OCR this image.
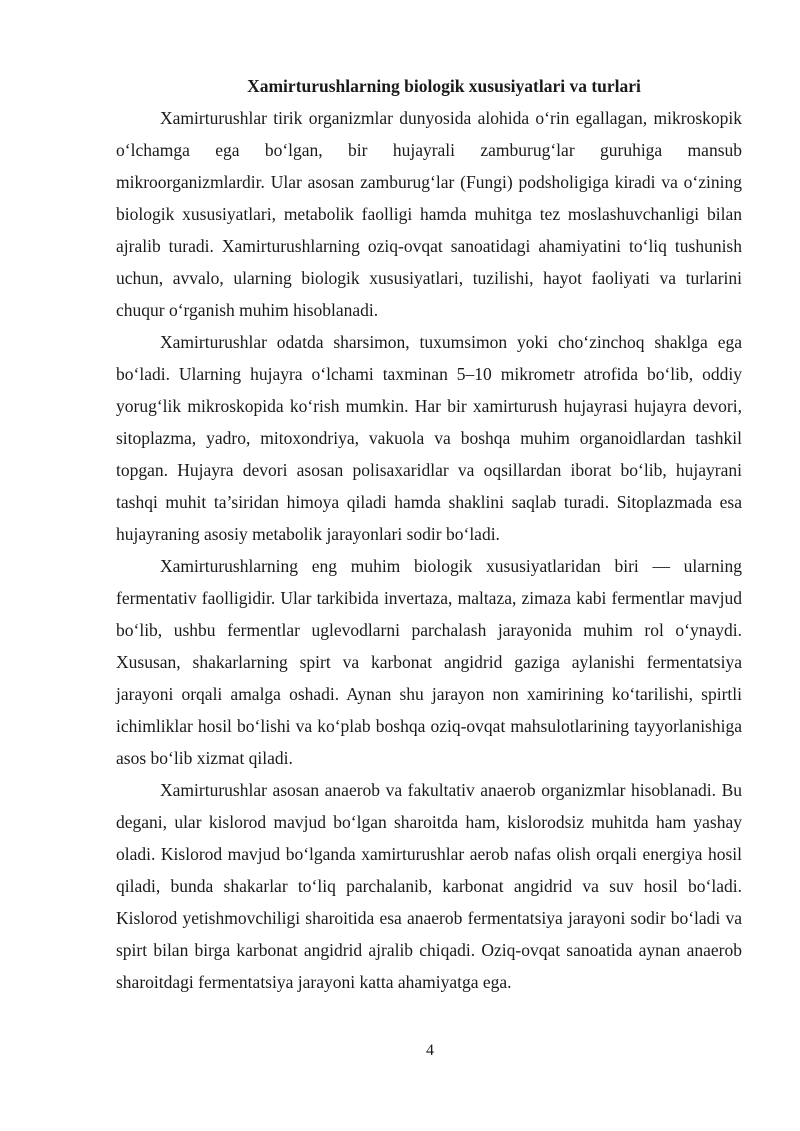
Xamirturushlarning biologik xususiyatlari va turlari

Xamirturushlar tirik organizmlar dunyosida alohida o‘rin egallagan, mikroskopik o‘lchamga ega bo‘lgan, bir hujayrali zamburug‘lar guruhiga mansub mikroorganizmlardir. Ular asosan zamburug‘lar (Fungi) podsholigiga kiradi va o‘zining biologik xususiyatlari, metabolik faolligi hamda muhitga tez moslashuvchanligi bilan ajralib turadi. Xamirturushlarning oziq-ovqat sanoatidagi ahamiyatini to‘liq tushunish uchun, avvalo, ularning biologik xususiyatlari, tuzilishi, hayot faoliyati va turlarini chuqur o‘rganish muhim hisoblanadi.

Xamirturushlar odatda sharsimon, tuxumsimon yoki cho‘zinchoq shaklga ega bo‘ladi. Ularning hujayra o‘lchami taxminan 5–10 mikrometr atrofida bo‘lib, oddiy yorug‘lik mikroskopida ko‘rish mumkin. Har bir xamirturush hujayrasi hujayra devori, sitoplazma, yadro, mitoxondriya, vakuola va boshqa muhim organoidlardan tashkil topgan. Hujayra devori asosan polisaxaridlar va oqsillardan iborat bo‘lib, hujayrani tashqi muhit ta’siridan himoya qiladi hamda shaklini saqlab turadi. Sitoplazmada esa hujayraning asosiy metabolik jarayonlari sodir bo‘ladi.

Xamirturushlarning eng muhim biologik xususiyatlaridan biri — ularning fermentativ faolligidir. Ular tarkibida invertaza, maltaza, zimaza kabi fermentlar mavjud bo‘lib, ushbu fermentlar uglevodlarni parchalash jarayonida muhim rol o‘ynaydi. Xususan, shakarlarning spirt va karbonat angidrid gaziga aylanishi fermentatsiya jarayoni orqali amalga oshadi. Aynan shu jarayon non xamirining ko‘tarilishi, spirtli ichimliklar hosil bo‘lishi va ko‘plab boshqa oziq-ovqat mahsulotlarining tayyorlanishiga asos bo‘lib xizmat qiladi.

Xamirturushlar asosan anaerob va fakultativ anaerob organizmlar hisoblanadi. Bu degani, ular kislorod mavjud bo‘lgan sharoitda ham, kislorodsiz muhitda ham yashay oladi. Kislorod mavjud bo‘lganda xamirturushlar aerob nafas olish orqali energiya hosil qiladi, bunda shakarlar to‘liq parchalanib, karbonat angidrid va suv hosil bo‘ladi. Kislorod yetishmovchiligi sharoitida esa anaerob fermentatsiya jarayoni sodir bo‘ladi va spirt bilan birga karbonat angidrid ajralib chiqadi. Oziq-ovqat sanoatida aynan anaerob sharoitdagi fermentatsiya jarayoni katta ahamiyatga ega.

4
